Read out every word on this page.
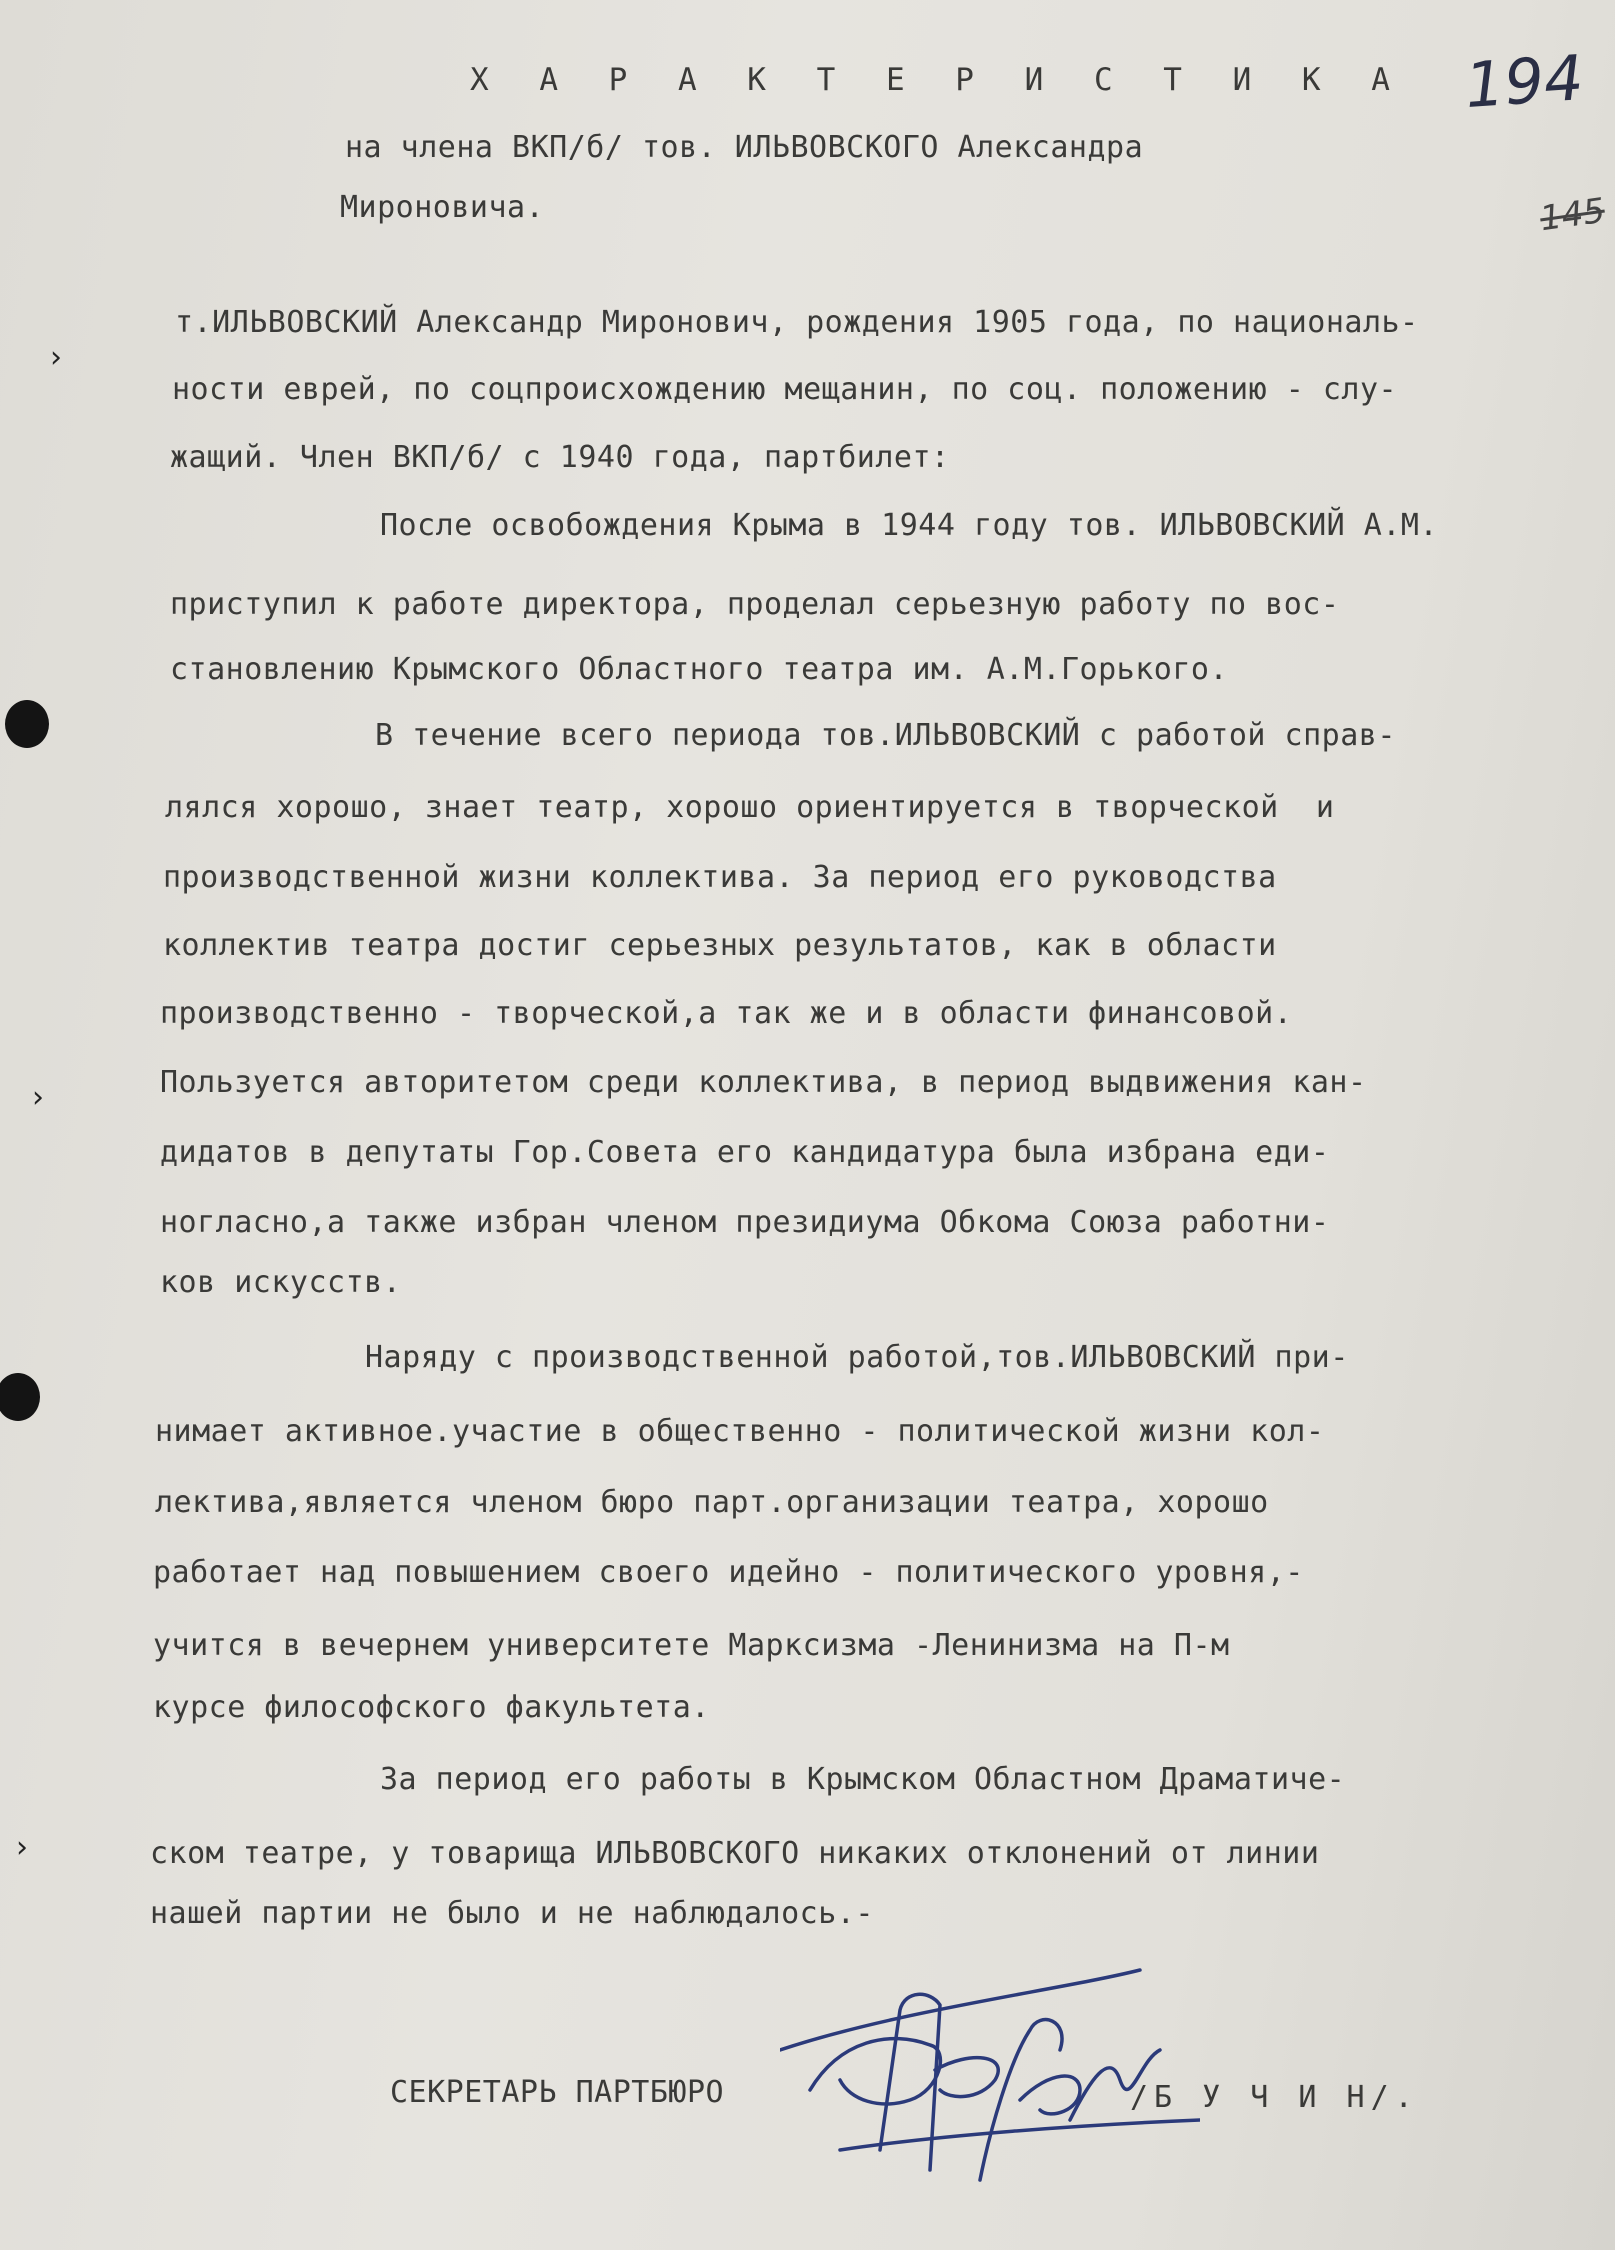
›
›
›
194
145
Х А Р А К Т Е Р И С Т И К А
на члена ВКП/б/ тов. ИЛЬВОВСКОГО Александра
Мироновича.
т.ИЛЬВОВСКИЙ Александр Миронович, рождения 1905 года, по националь-
ности еврей, по соцпроисхождению мещанин, по соц. положению - слу-
жащий. Член ВКП/б/ с 1940 года, партбилет:
После освобождения Крыма в 1944 году тов. ИЛЬВОВСКИЙ А.М.
приступил к работе директора, проделал серьезную работу по вос-
становлению Крымского Областного театра им. А.М.Горького.
В течение всего периода тов.ИЛЬВОВСКИЙ с работой справ-
лялся хорошо, знает театр, хорошо ориентируется в творческой  и
производственной жизни коллектива. За период его руководства
коллектив театра достиг серьезных результатов, как в области
производственно - творческой,а так же и в области финансовой.
Пользуется авторитетом среди коллектива, в период выдвижения кан-
дидатов в депутаты Гор.Совета его кандидатура была избрана еди-
ногласно,а также избран членом президиума Обкома Союза работни-
ков искусств.
Наряду с производственной работой,тов.ИЛЬВОВСКИЙ при-
нимает активное.участие в общественно - политической жизни кол-
лектива,является членом бюро парт.организации театра, хорошо
работает над повышением своего идейно - политического уровня,-
учится в вечернем университете Марксизма -Ленинизма на П-м
курсе философского факультета.
За период его работы в Крымском Областном Драматиче-
ском театре, у товарища ИЛЬВОВСКОГО никаких отклонений от линии
нашей партии не было и не наблюдалось.-
СЕКРЕТАРЬ ПАРТБЮРО	/Б У Ч И Н/.
